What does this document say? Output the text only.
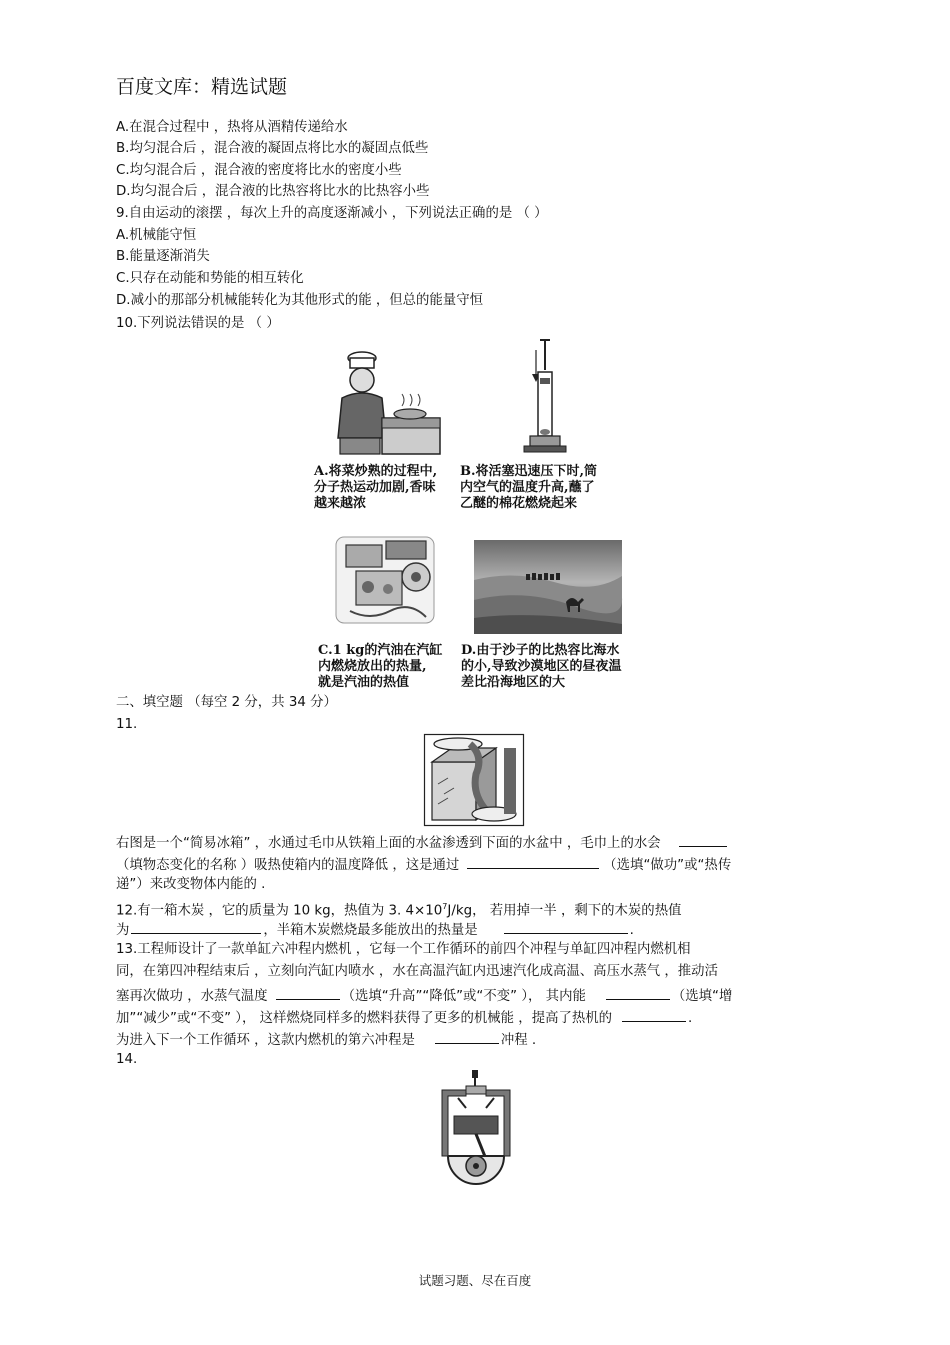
百度文库：精选试题
A.在混合过程中 ，热将从酒精传递给水
B.均匀混合后 ，混合液的凝固点将比水的凝固点低些
C.均匀混合后 ，混合液的密度将比水的密度小些
D.均匀混合后 ，混合液的比热容将比水的比热容小些
9.自由运动的滚摆 ，每次上升的高度逐渐减小 ，下列说法正确的是 （ ）
A.机械能守恒
B.能量逐渐消失
C.只存在动能和势能的相互转化
D.减小的那部分机械能转化为其他形式的能 ，但总的能量守恒
10.下列说法错误的是 （ ）
A.将菜炒熟的过程中,
分子热运动加剧,香味
越来越浓
B.将活塞迅速压下时,筒
内空气的温度升高,蘸了
乙醚的棉花燃烧起来
C.1 kg的汽油在汽缸
内燃烧放出的热量,
就是汽油的热值
D.由于沙子的比热容比海水
的小,导致沙漠地区的昼夜温
差比沿海地区的大
二、填空题 （每空 2 分，共 34 分）
11.
右图是一个“简易冰箱” ，水通过毛巾从铁箱上面的水盆渗透到下面的水盆中 ，毛巾上的水会
（填物态变化的名称 ）吸热使箱内的温度降低 ，这是通过	（选填“做功”或“热传
递”）来改变物体内能的 .
12.有一箱木炭 ，它的质量为 10 kg，热值为 3. $4\times 10^7J/kg$， 若用掉一半 ，剩下的木炭的热值
为	，半箱木炭燃烧最多能放出的热量是	.
13.工程师设计了一款单缸六冲程内燃机 ，它每一个工作循环的前四个冲程与单缸四冲程内燃机相
同，在第四冲程结束后 ，立刻向汽缸内喷水 ，水在高温汽缸内迅速汽化成高温、高压水蒸气 ，推动活
塞再次做功 ，水蒸气温度	（选填“升高”“降低”或“不变” ）， 其内能	（选填“增
加”“减少”或“不变” ）， 这样燃烧同样多的燃料获得了更多的机械能 ，提高了热机的	.
为进入下一个工作循环 ，这款内燃机的第六冲程是	冲程 .
14.
试题习题、尽在百度
